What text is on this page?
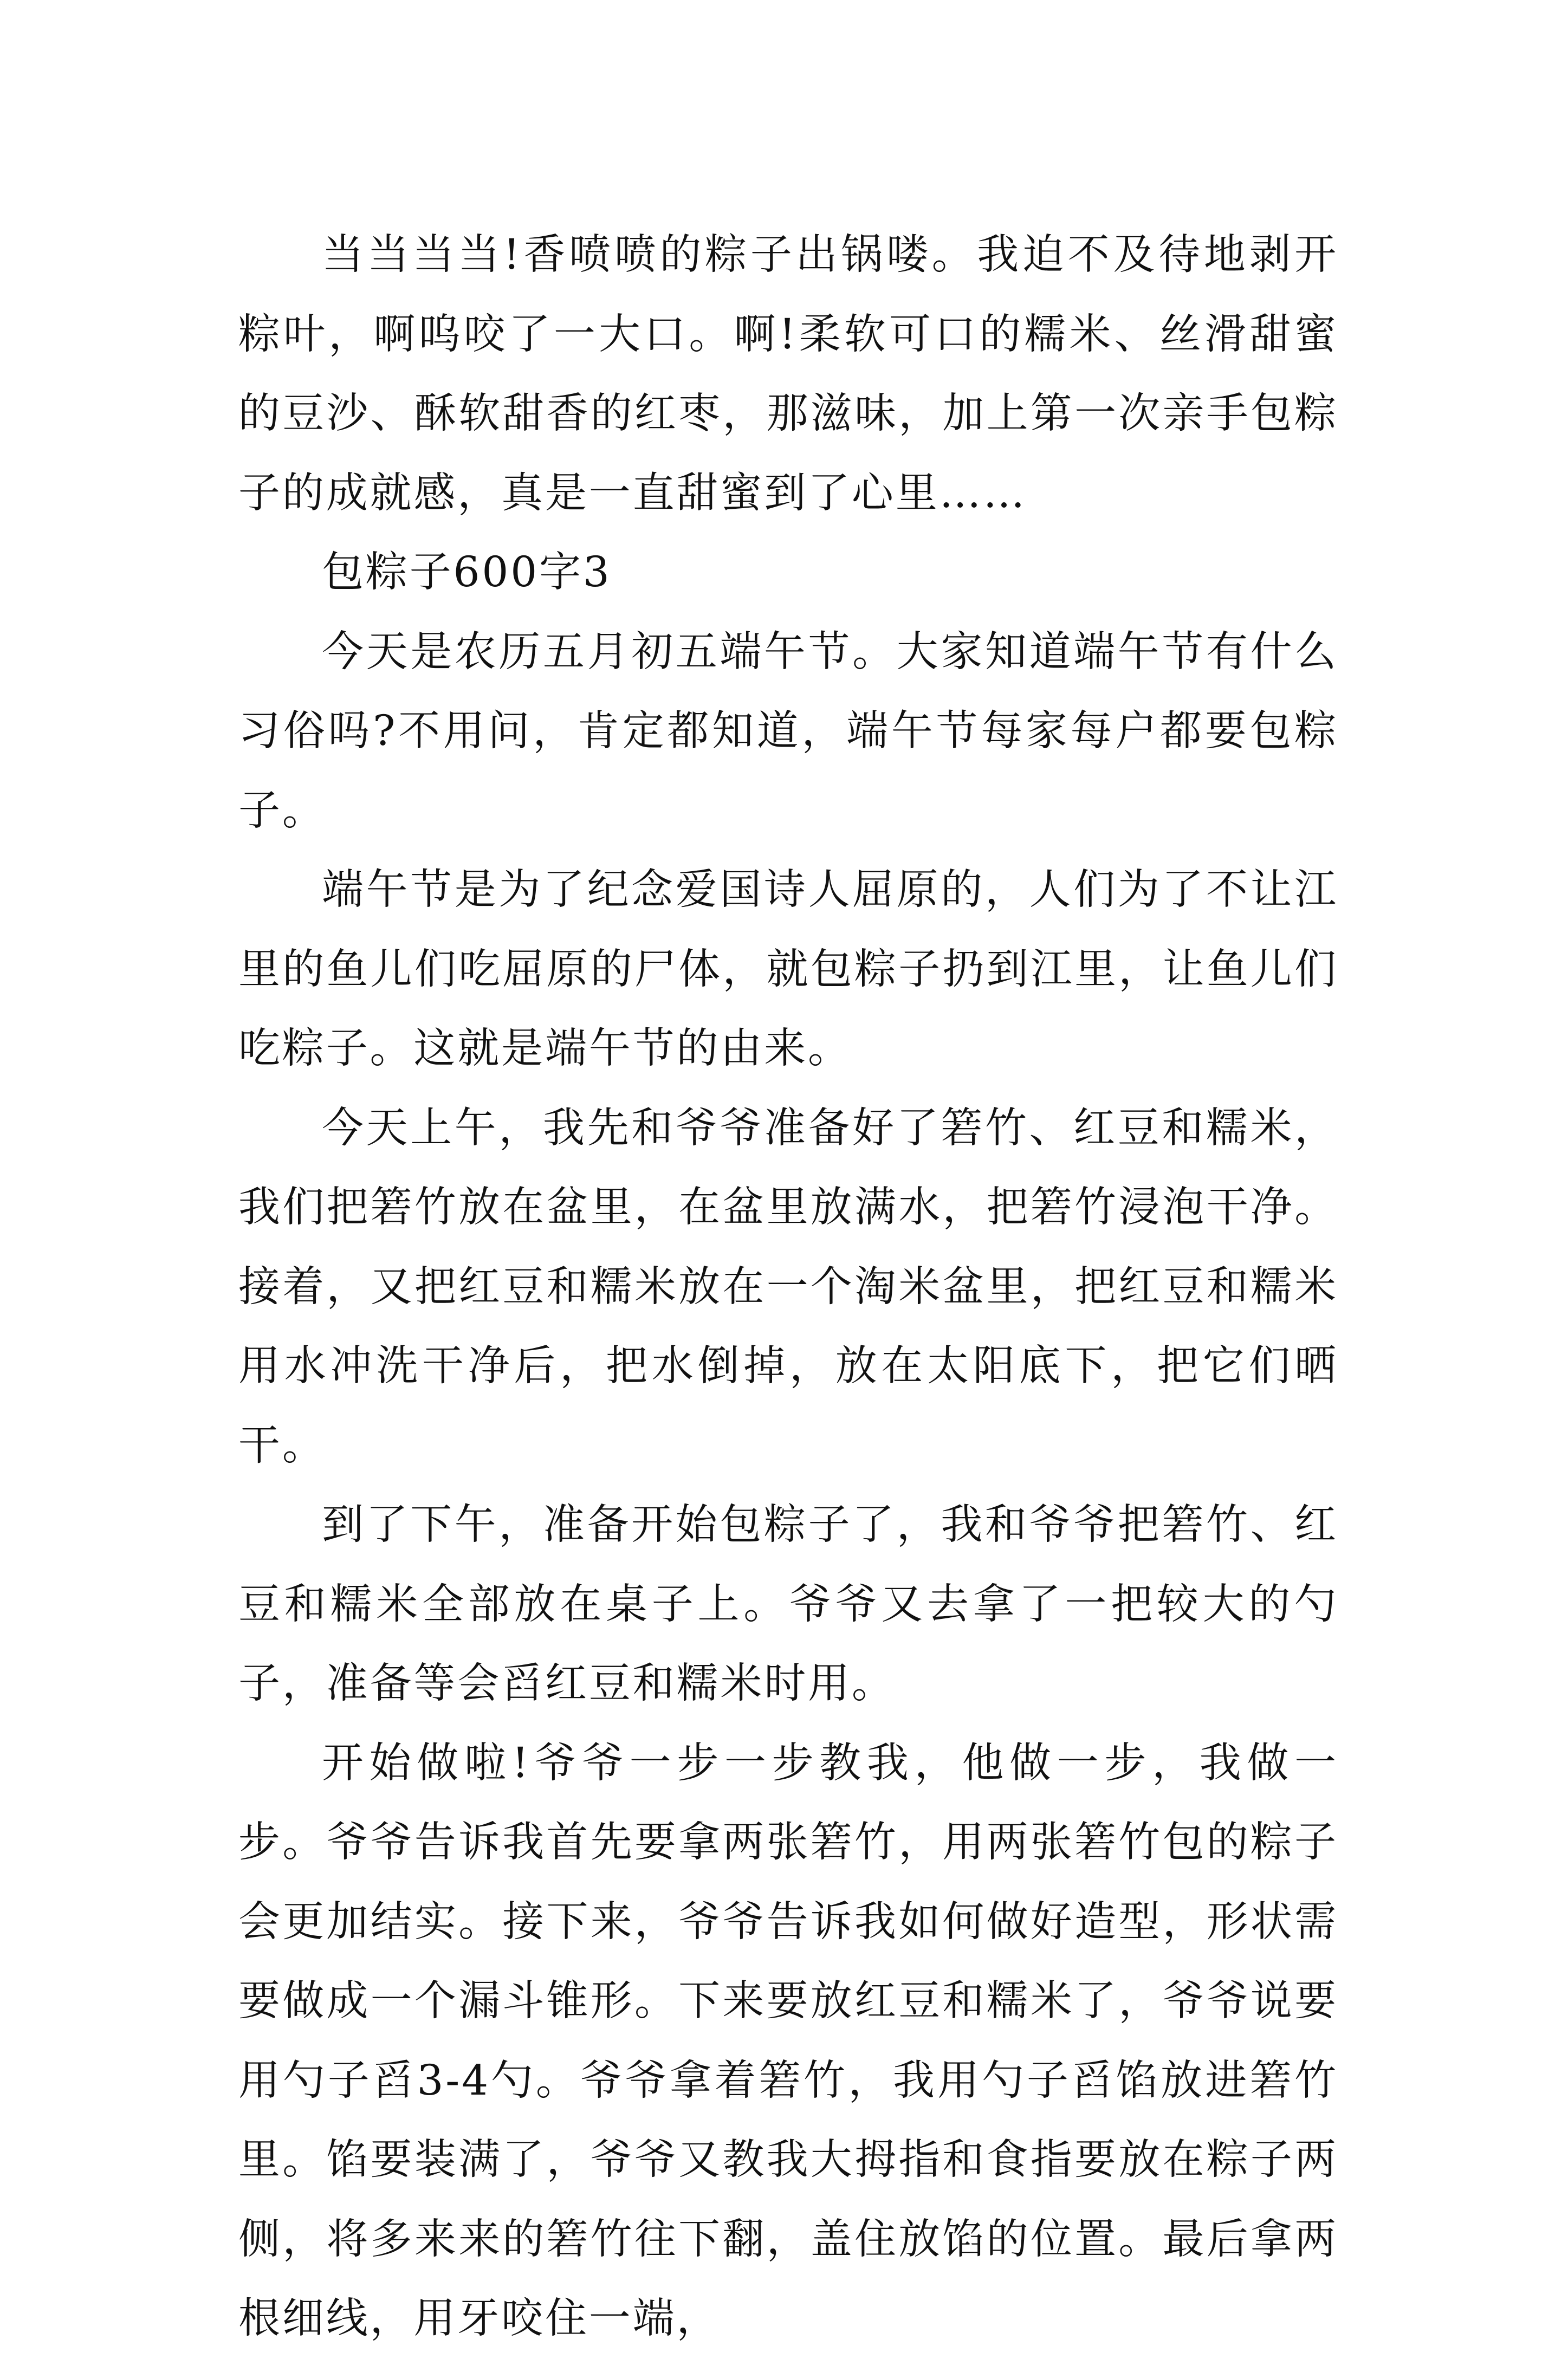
当当当当!香喷喷的粽子出锅喽。我迫不及待地剥开粽叶，啊呜咬了一大口。啊!柔软可口的糯米、丝滑甜蜜的豆沙、酥软甜香的红枣，那滋味，加上第一次亲手包粽子的成就感，真是一直甜蜜到了心里……

包粽子600字3

今天是农历五月初五端午节。大家知道端午节有什么习俗吗?不用问，肯定都知道，端午节每家每户都要包粽子。

端午节是为了纪念爱国诗人屈原的，人们为了不让江里的鱼儿们吃屈原的尸体，就包粽子扔到江里，让鱼儿们吃粽子。这就是端午节的由来。

今天上午，我先和爷爷准备好了箬竹、红豆和糯米，我们把箬竹放在盆里，在盆里放满水，把箬竹浸泡干净。接着，又把红豆和糯米放在一个淘米盆里，把红豆和糯米用水冲洗干净后，把水倒掉，放在太阳底下，把它们晒干。

到了下午，准备开始包粽子了，我和爷爷把箬竹、红豆和糯米全部放在桌子上。爷爷又去拿了一把较大的勺子，准备等会舀红豆和糯米时用。

开始做啦!爷爷一步一步教我，他做一步，我做一步。爷爷告诉我首先要拿两张箬竹，用两张箬竹包的粽子会更加结实。接下来，爷爷告诉我如何做好造型，形状需要做成一个漏斗锥形。下来要放红豆和糯米了，爷爷说要用勺子舀3-4勺。爷爷拿着箬竹，我用勺子舀馅放进箬竹里。馅要装满了，爷爷又教我大拇指和食指要放在粽子两侧，将多来来的箬竹往下翻，盖住放馅的位置。最后拿两根细线，用牙咬住一端，
